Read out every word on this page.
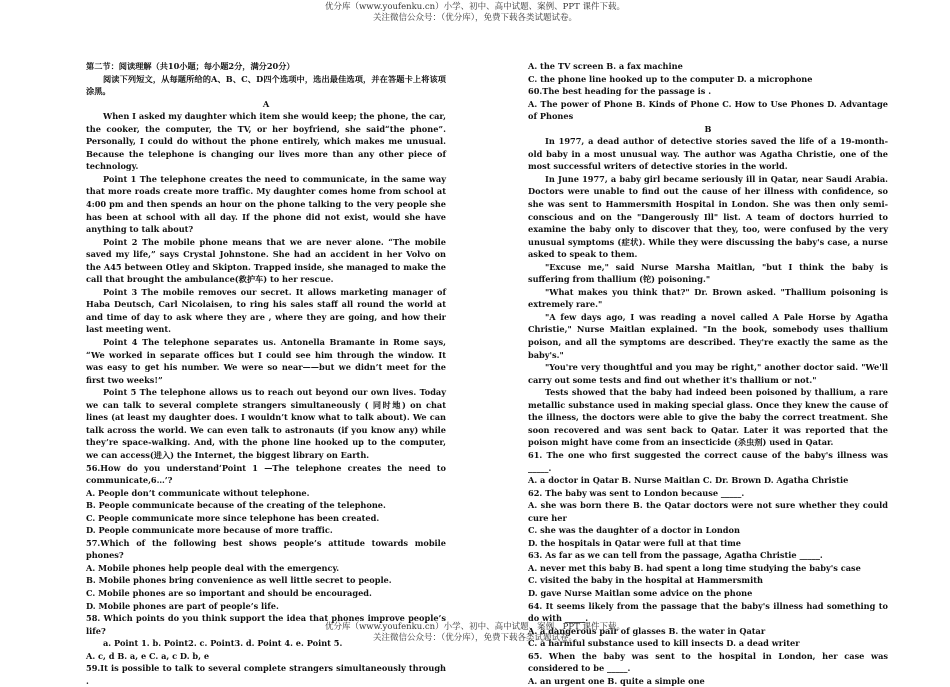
优分库（www.youfenku.cn）小学、初中、高中试题、案例、PPT 课件下载。
关注微信公众号：（优分库），免费下载各类试题试卷。

第二节：阅读理解（共10小题；每小题2分，满分20分）

阅读下列短文，从每题所给的A、B、C、D四个选项中，选出最佳选项，并在答题卡上将该项涂黑。

A

When I asked my daughter which item she would keep; the phone, the car, the cooker, the computer, the TV, or her boyfriend, she said“the phone”. Personally, I could do without the phone entirely, which makes me unusual. Because the telephone is changing our lives more than any other piece of technology.

Point 1 The telephone creates the need to communicate, in the same way that more roads create more traffic. My daughter comes home from school at 4:00 pm and then spends an hour on the phone talking to the very people she has been at school with all day. If the phone did not exist, would she have anything to talk about?

Point 2 The mobile phone means that we are never alone. “The mobile saved my life,” says Crystal Johnstone. She had an accident in her Volvo on the A45 between Otley and Skipton. Trapped inside, she managed to make the call that brought the ambulance(救护车) to her rescue.

Point 3 The mobile removes our secret. It allows marketing manager of Haba Deutsch, Carl Nicolaisen, to ring his sales staff all round the world at and time of day to ask where they are , where they are going, and how their last meeting went.

Point 4 The telephone separates us. Antonella Bramante in Rome says, “We worked in separate offices but I could see him through the window. It was easy to get his number. We were so near——but we didn’t meet for the first two weeks!”

Point 5 The telephone allows us to reach out beyond our own lives. Today we can talk to several complete strangers simultaneously ( 同时地) on chat lines (at least my daughter does. I wouldn’t know what to talk about). We can talk across the world. We can even talk to astronauts (if you know any) while they’re space-walking. And, with the phone line hooked up to the computer, we can access(进入) the Internet, the biggest library on Earth.

56.How do you understand‘Point 1 —The telephone creates the need to communicate,6…’?

A. People don’t communicate without telephone.

B. People communicate because of the creating of the telephone.

C. People communicate more since telephone has been created.

D. People communicate more because of more traffic.

57.Which of the following best shows people’s attitude towards mobile phones?

A. Mobile phones help people deal with the emergency.

B. Mobile phones bring convenience as well little secret to people.

C. Mobile phones are so important and should be encouraged.

D. Mobile phones are part of people’s life.

58. Which points do you think support the idea that phones improve people’s life?

a. Point 1. b. Point2. c. Point3. d. Point 4. e. Point 5.

A. c, d B. a, e C. a, c D. b, e

59.It is possible to talk to several complete strangers simultaneously through .

A. the TV screen B. a fax machine

C. the phone line hooked up to the computer D. a microphone

60.The best heading for the passage is .

A. The power of Phone B. Kinds of Phone C. How to Use Phones D. Advantage of Phones

B

In 1977, a dead author of detective stories saved the life of a 19-month-old baby in a most unusual way. The author was Agatha Christie, one of the most successful writers of detective stories in the world.

In June 1977, a baby girl became seriously ill in Qatar, near Saudi Arabia. Doctors were unable to find out the cause of her illness with confidence, so she was sent to Hammersmith Hospital in London. She was then only semi-conscious and on the "Dangerously Ill" list. A team of doctors hurried to examine the baby only to discover that they, too, were confused by the very unusual symptoms (症状). While they were discussing the baby's case, a nurse asked to speak to them.

"Excuse me," said Nurse Marsha Maitlan, "but I think the baby is suffering from thallium (铊) poisoning."

"What makes you think that?" Dr. Brown asked. "Thallium poisoning is extremely rare."

"A few days ago, I was reading a novel called A Pale Horse by Agatha Christie," Nurse Maitlan explained. "In the book, somebody uses thallium poison, and all the symptoms are described. They're exactly the same as the baby's."

"You're very thoughtful and you may be right," another doctor said. "We'll carry out some tests and find out whether it's thallium or not."

Tests showed that the baby had indeed been poisoned by thallium, a rare metallic substance used in making special glass. Once they knew the cause of the illness, the doctors were able to give the baby the correct treatment. She soon recovered and was sent back to Qatar. Later it was reported that the poison might have come from an insecticide (杀虫剂) used in Qatar.

61. The one who first suggested the correct cause of the baby's illness was _____.

A. a doctor in Qatar B. Nurse Maitlan C. Dr. Brown D. Agatha Christie

62. The baby was sent to London because _____.

A. she was born there B. the Qatar doctors were not sure whether they could cure her

C. she was the daughter of a doctor in London

D. the hospitals in Qatar were full at that time

63. As far as we can tell from the passage, Agatha Christie _____.

A. never met this baby B. had spent a long time studying the baby's case

C. visited the baby in the hospital at Hammersmith

D. gave Nurse Maitlan some advice on the phone

64. It seems likely from the passage that the baby's illness had something to do with _____.

A. a dangerous pair of glasses B. the water in Qatar

C. a harmful substance used to kill insects D. a dead writer

65. When the baby was sent to the hospital in London, her case was considered to be _____.

A. an urgent one B. quite a simple one

优分库（www.youfenku.cn）小学、初中、高中试题、案例、PPT 课件下载。
关注微信公众号：（优分库），免费下载各类试题试卷。
